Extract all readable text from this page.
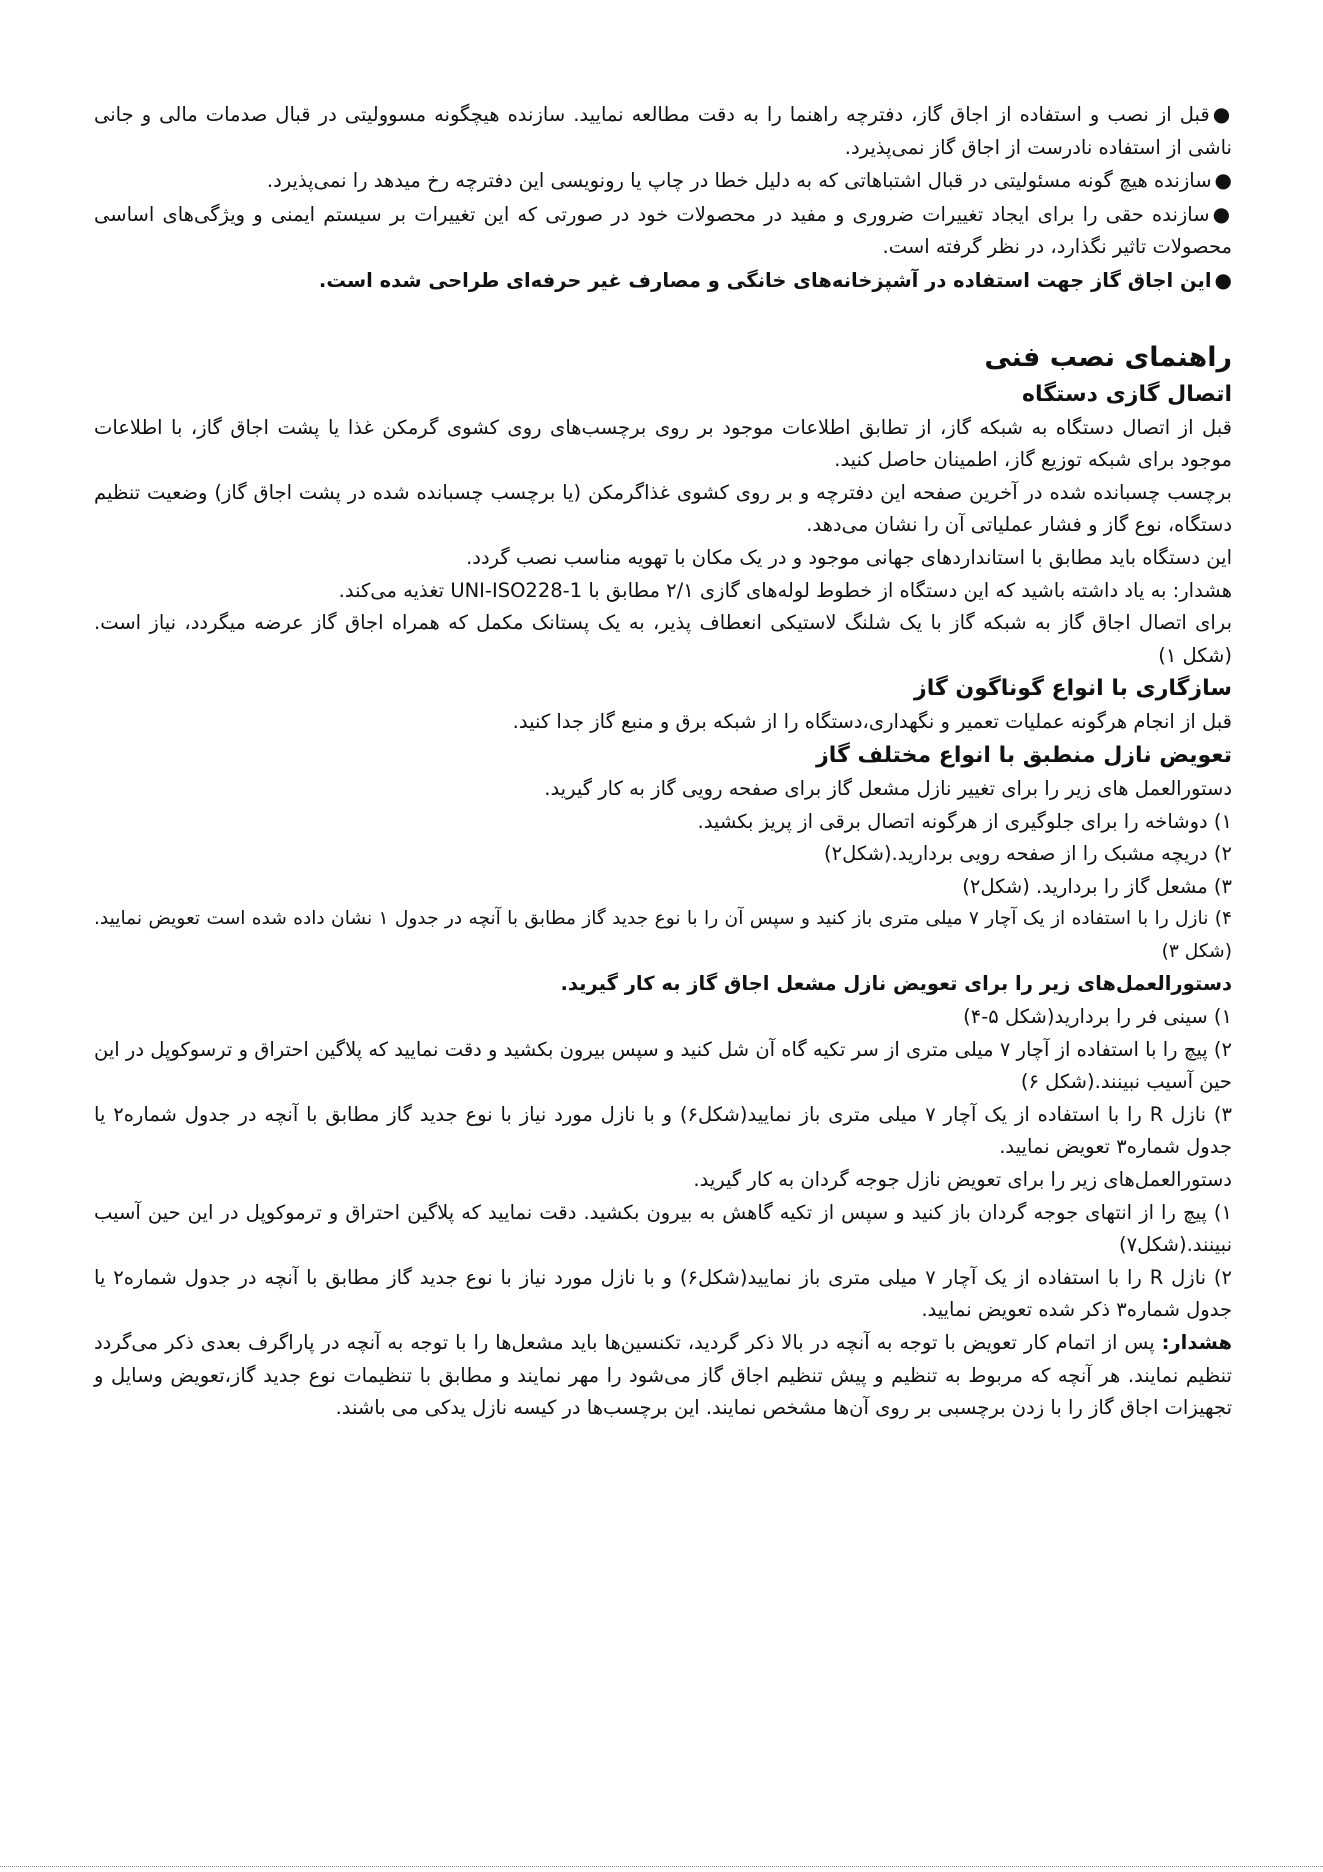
● قبل از نصب و استفاده از اجاق گاز، دفترچه راهنما را به دقت مطالعه نمایید. سازنده هیچگونه مسوولیتی در قبال صدمات مالی و جانی ناشی از استفاده نادرست از اجاق گاز نمی‌پذیرد.

● سازنده هیچ گونه مسئولیتی در قبال اشتباهاتی که به دلیل خطا در چاپ یا رونویسی این دفترچه رخ میدهد را نمی‌پذیرد.

● سازنده حقی را برای ایجاد تغییرات ضروری و مفید در محصولات خود در صورتی که این تغییرات بر سیستم ایمنی و ویژگی‌های اساسی محصولات تاثیر نگذارد، در نظر گرفته است.

● این اجاق گاز جهت استفاده در آشپزخانه‌های خانگی و مصارف غیر حرفه‌ای طراحی شده است.

راهنمای نصب فنی

اتصال گازی دستگاه

قبل از اتصال دستگاه به شبکه گاز، از تطابق اطلاعات موجود بر روی برچسب‌های روی کشوی گرمکن غذا یا پشت اجاق گاز، با اطلاعات موجود برای شبکه توزیع گاز، اطمینان حاصل کنید.

برچسب چسبانده شده در آخرین صفحه این دفترچه و بر روی کشوی غذاگرمکن (یا برچسب چسبانده شده در پشت اجاق گاز) وضعیت تنظیم دستگاه، نوع گاز و فشار عملیاتی آن را نشان می‌دهد.

این دستگاه باید مطابق با استانداردهای جهانی موجود و در یک مکان با تهویه مناسب نصب گردد.

هشدار: به یاد داشته باشید که این دستگاه از خطوط لوله‌های گازی ۲/۱ مطابق با UNI-ISO228-1 تغذیه می‌کند.

برای اتصال اجاق گاز به شبکه گاز با یک شلنگ لاستیکی انعطاف پذیر، به یک پستانک مکمل که همراه اجاق گاز عرضه میگردد، نیاز است. (شکل ۱)

سازگاری با انواع گوناگون گاز

قبل از انجام هرگونه عملیات تعمیر و نگهداری،دستگاه را از شبکه برق و منبع گاز جدا کنید.

تعویض نازل منطبق با انواع مختلف گاز

دستورالعمل های زیر را برای تغییر نازل مشعل گاز برای صفحه رویی گاز به کار گیرید.

۱) دوشاخه را برای جلوگیری از هرگونه اتصال برقی از پریز بکشید.

۲) دریچه مشبک را از صفحه رویی بردارید.(شکل۲)

۳) مشعل گاز را بردارید. (شکل۲)

۴) نازل را با استفاده از یک آچار ۷ میلی متری باز کنید و سپس آن را با نوع جدید گاز مطابق با آنچه در جدول ۱ نشان داده شده است تعویض نمایید.(شکل ۳)

دستورالعمل‌های زیر را برای تعویض نازل مشعل اجاق گاز به کار گیرید.

۱) سینی فر را بردارید(شکل ۵-۴)

۲) پیچ را با استفاده از آچار ۷ میلی متری از سر تکیه گاه آن شل کنید و سپس بیرون بکشید و دقت نمایید که پلاگین احتراق و ترسوکوپل در این حین آسیب نبینند.(شکل ۶)

۳) نازل R را با استفاده از یک آچار ۷ میلی متری باز نمایید(شکل۶) و با نازل مورد نیاز با نوع جدید گاز مطابق با آنچه در جدول شماره۲ یا جدول شماره۳ تعویض نمایید.

دستورالعمل‌های زیر را برای تعویض نازل جوجه گردان به کار گیرید.

۱) پیچ را از انتهای جوجه گردان باز کنید و سپس از تکیه گاهش به بیرون بکشید. دقت نمایید که پلاگین احتراق و ترموکوپل در این حین آسیب نبینند.(شکل۷)

۲) نازل R را با استفاده از یک آچار ۷ میلی متری باز نمایید(شکل۶) و با نازل مورد نیاز با نوع جدید گاز مطابق با آنچه در جدول شماره۲ یا جدول شماره۳ ذکر شده تعویض نمایید.

هشدار: پس از اتمام کار تعویض با توجه به آنچه در بالا ذکر گردید، تکنسین‌ها باید مشعل‌ها را با توجه به آنچه در پاراگرف بعدی ذکر می‌گردد تنظیم نمایند. هر آنچه که مربوط به تنظیم و پیش تنظیم اجاق گاز می‌شود را مهر نمایند و مطابق با تنظیمات نوع جدید گاز،تعویض وسایل و تجهیزات اجاق گاز را با زدن برچسبی بر روی آن‌ها مشخص نمایند. این برچسب‌ها در کیسه نازل یدکی می باشند.
